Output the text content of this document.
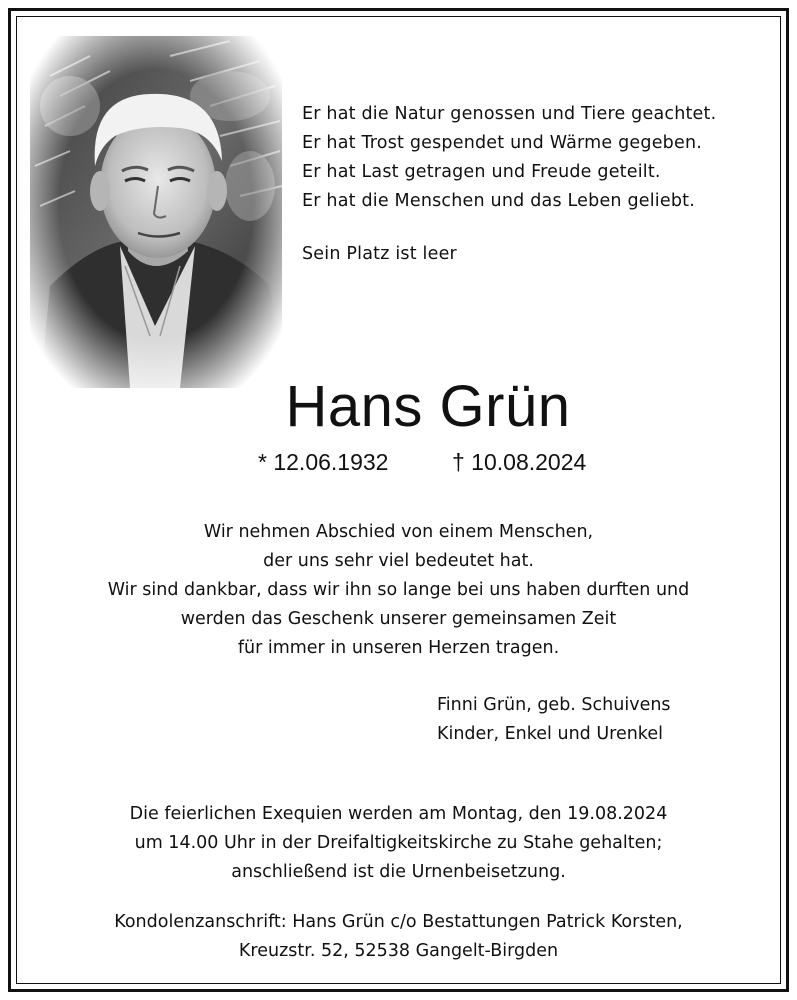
Er hat die Natur genossen und Tiere geachtet.
Er hat Trost gespendet und Wärme gegeben.
Er hat Last getragen und Freude geteilt.
Er hat die Menschen und das Leben geliebt.
Sein Platz ist leer
Hans Grün
* 12.06.1932	† 10.08.2024
Wir nehmen Abschied von einem Menschen,
der uns sehr viel bedeutet hat.
Wir sind dankbar, dass wir ihn so lange bei uns haben durften und
werden das Geschenk unserer gemeinsamen Zeit
für immer in unseren Herzen tragen.
Finni Grün, geb. Schuivens
Kinder, Enkel und Urenkel
Die feierlichen Exequien werden am Montag, den 19.08.2024
um 14.00 Uhr in der Dreifaltigkeitskirche zu Stahe gehalten;
anschließend ist die Urnenbeisetzung.
Kondolenzanschrift: Hans Grün c/o Bestattungen Patrick Korsten,
Kreuzstr. 52, 52538 Gangelt-Birgden
